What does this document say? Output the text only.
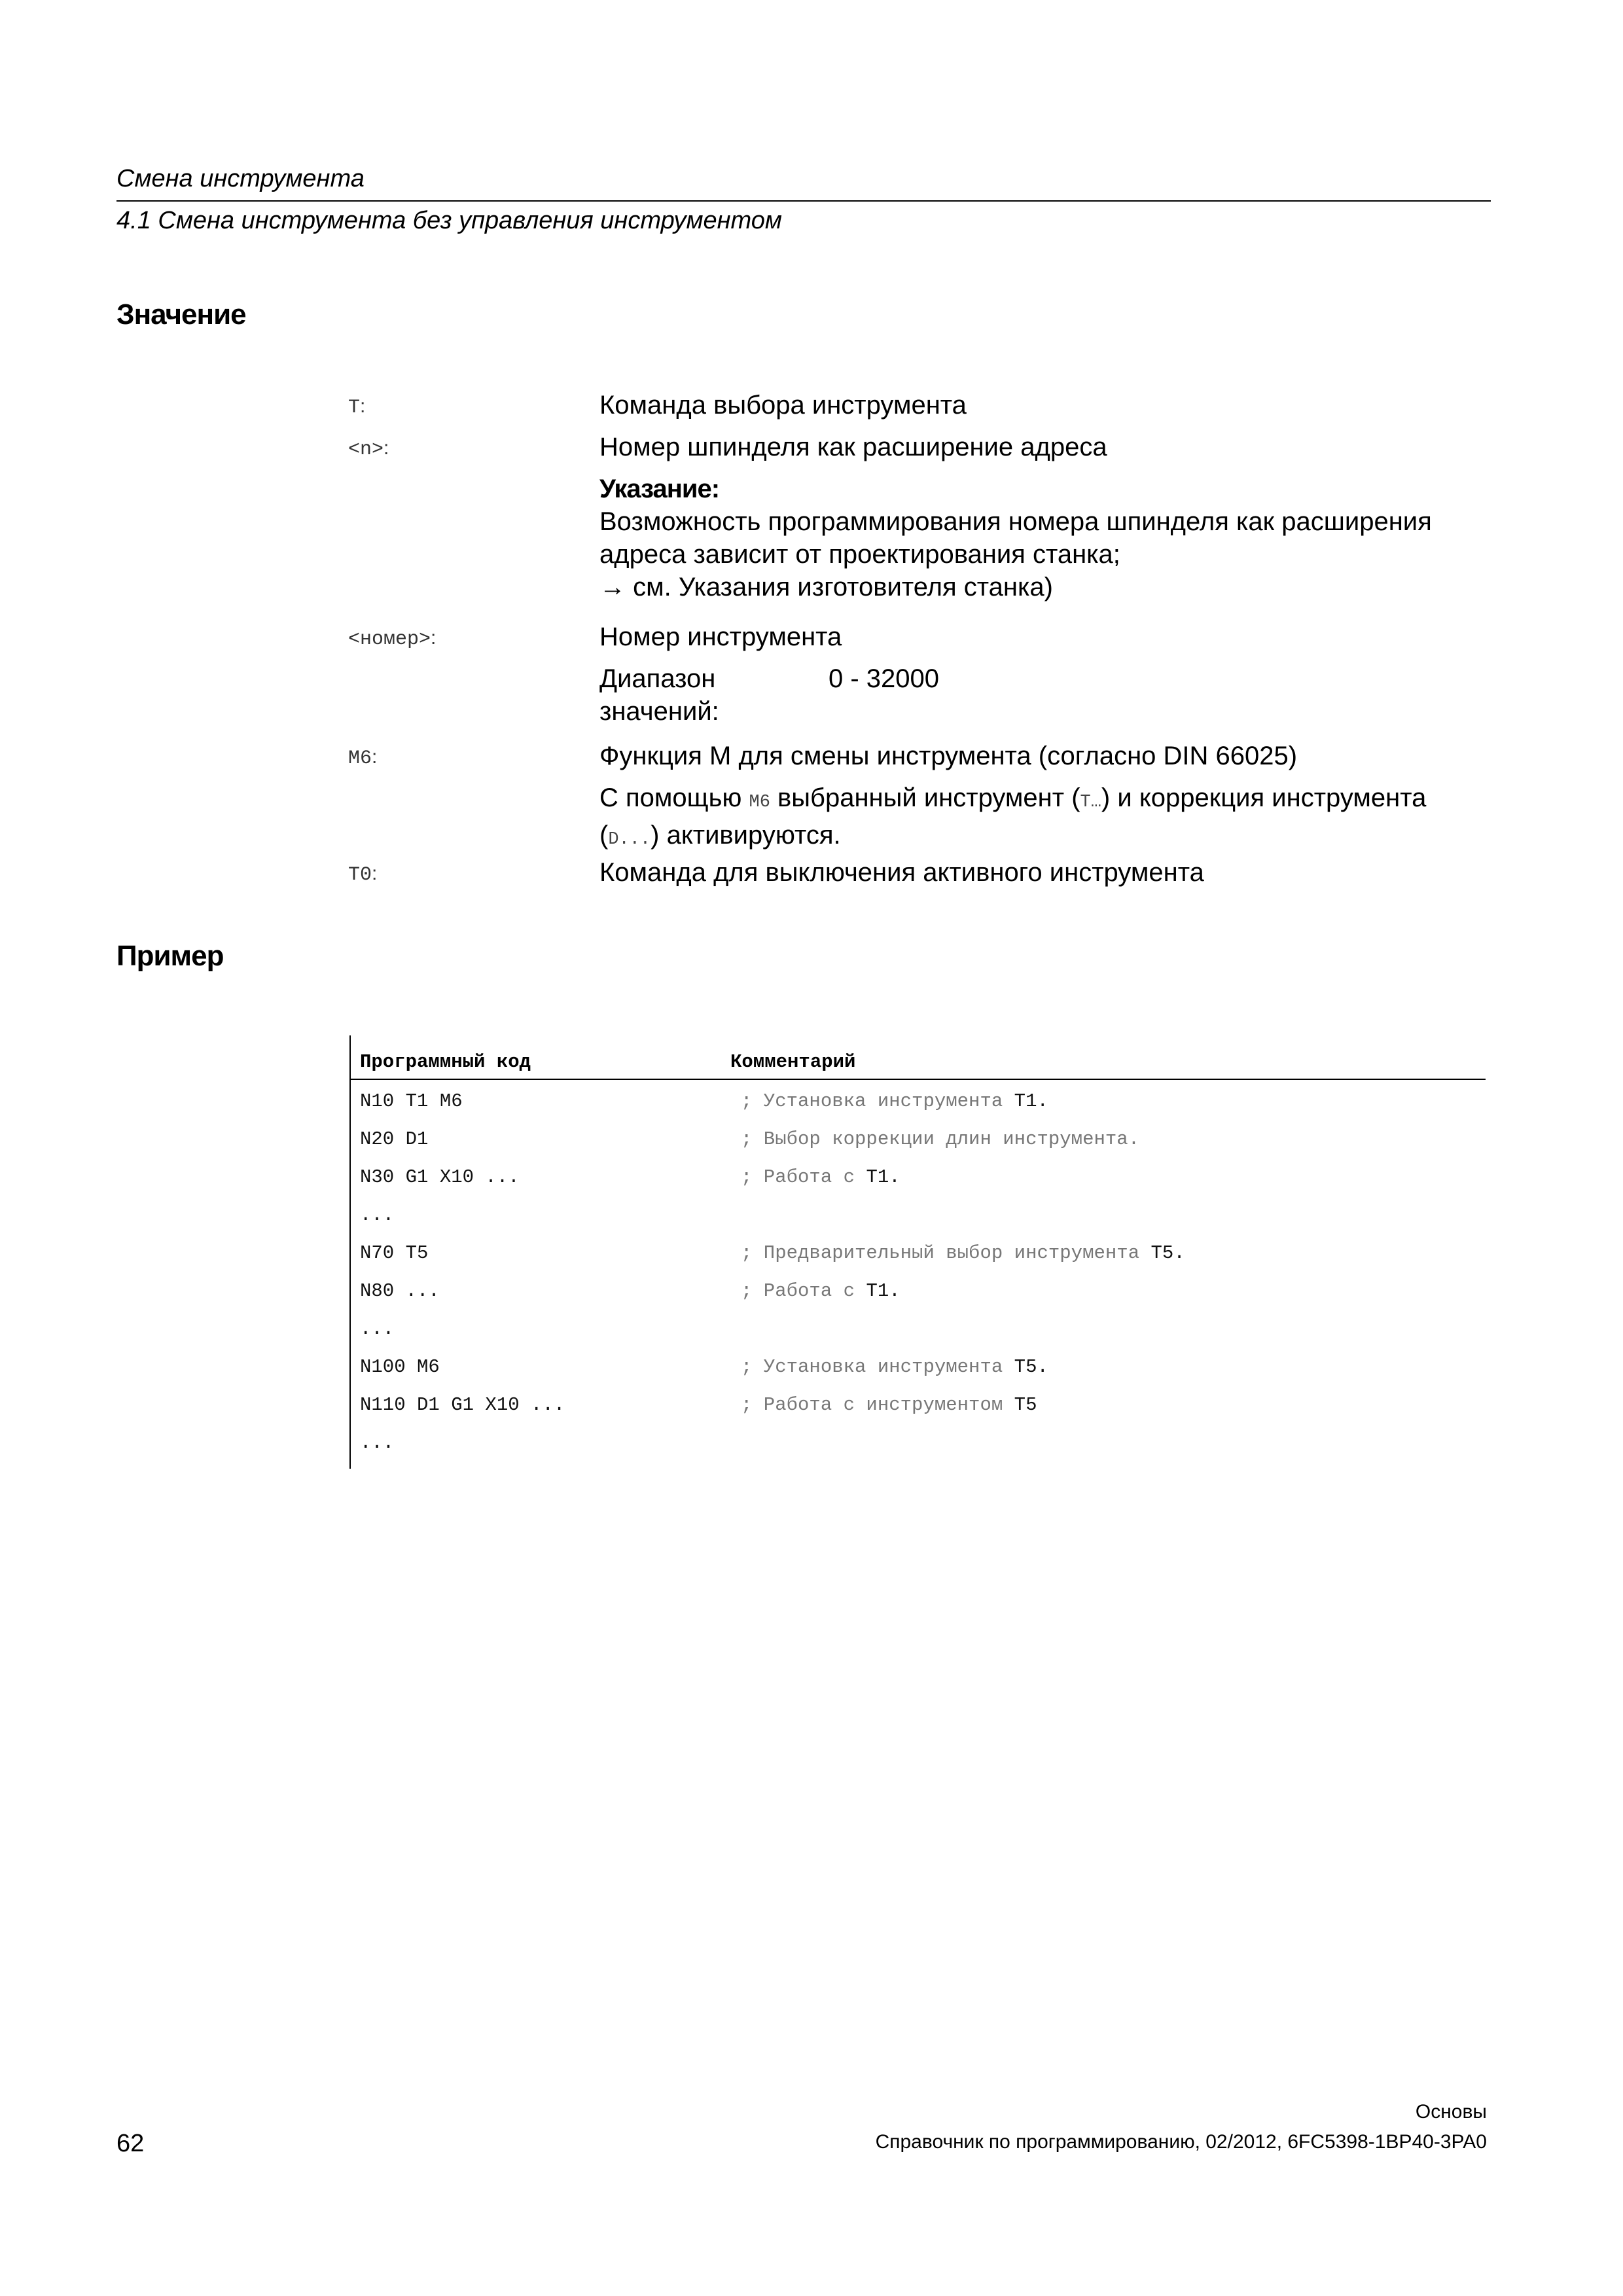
Смена инструмента
4.1 Смена инструмента без управления инструментом
Значение
T:	Команда выбора инструмента
<n>:	Номер шпинделя как расширение адреса
Указание:
Возможность программирования номера шпинделя как расширения
адреса зависит от проектирования станка;
→ см. Указания изготовителя станка)
<номер>:	Номер инструмента
Диапазон
значений:0 - 32000
M6:	Функция M для смены инструмента (согласно DIN 66025)
С помощью M6 выбранный инструмент (T…) и коррекция инструмента
(D...) активируются.
T0:	Команда для выключения активного инструмента
Пример
Программный код	Комментарий
N10 T1 M6	; Установка инструмента T1.
N20 D1	; Выбор коррекции длин инструмента.
N30 G1 X10 ...	; Работа с T1.
...
N70 T5	; Предварительный выбор инструмента T5.
N80 ...	; Работа с T1.
...
N100 M6	; Установка инструмента T5.
N110 D1 G1 X10 ...	; Работа с инструментом T5
...
Основы
Справочник по программированию, 02/2012, 6FC5398-1BP40-3PA0
62
